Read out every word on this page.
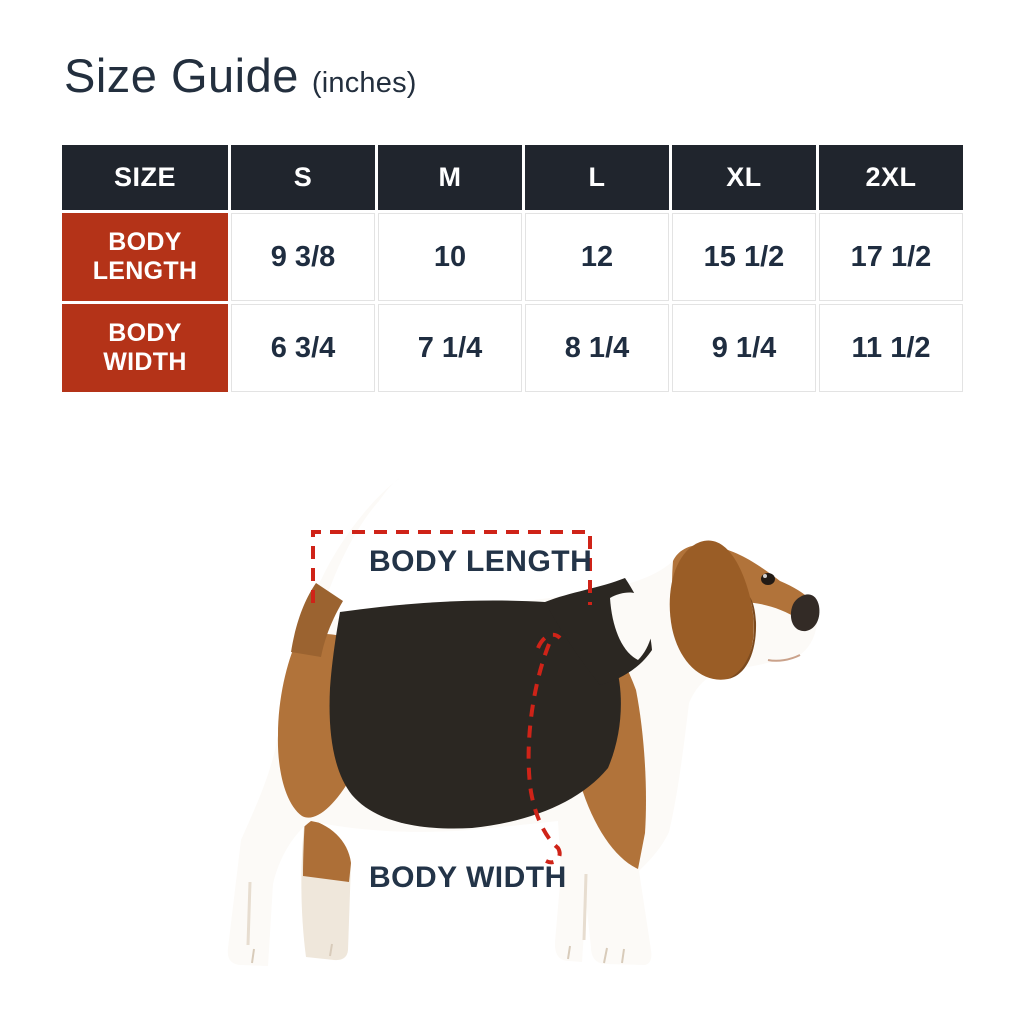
Size Guide (inches)
SIZE	S	M	L	XL	2XL
BODY LENGTH	9 3/8	10	12	15 1/2	17 1/2
BODY WIDTH	6 3/4	7 1/4	8 1/4	9 1/4	11 1/2
BODY LENGTH
BODY WIDTH
